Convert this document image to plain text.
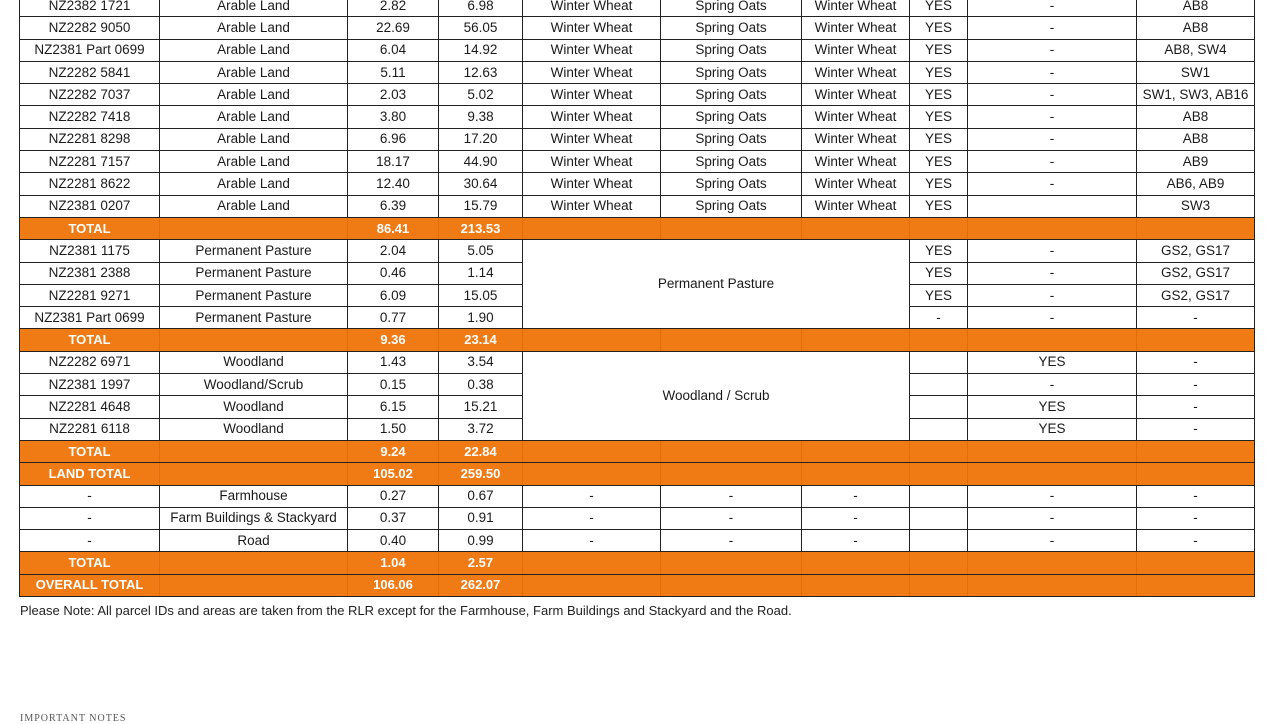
NZ2382 1721	Arable Land	2.82	6.98	Winter Wheat	Spring Oats	Winter Wheat	YES	-	AB8
NZ2282 9050	Arable Land	22.69	56.05	Winter Wheat	Spring Oats	Winter Wheat	YES	-	AB8
NZ2381 Part 0699	Arable Land	6.04	14.92	Winter Wheat	Spring Oats	Winter Wheat	YES	-	AB8, SW4
NZ2282 5841	Arable Land	5.11	12.63	Winter Wheat	Spring Oats	Winter Wheat	YES	-	SW1
NZ2282 7037	Arable Land	2.03	5.02	Winter Wheat	Spring Oats	Winter Wheat	YES	-	SW1, SW3, AB16
NZ2282 7418	Arable Land	3.80	9.38	Winter Wheat	Spring Oats	Winter Wheat	YES	-	AB8
NZ2281 8298	Arable Land	6.96	17.20	Winter Wheat	Spring Oats	Winter Wheat	YES	-	AB8
NZ2281 7157	Arable Land	18.17	44.90	Winter Wheat	Spring Oats	Winter Wheat	YES	-	AB9
NZ2281 8622	Arable Land	12.40	30.64	Winter Wheat	Spring Oats	Winter Wheat	YES	-	AB6, AB9
NZ2381 0207	Arable Land	6.39	15.79	Winter Wheat	Spring Oats	Winter Wheat	YES		SW3
TOTAL		86.41	213.53						
NZ2381 1175	Permanent Pasture	2.04	5.05	Permanent Pasture			YES	-	GS2, GS17
NZ2381 2388	Permanent Pasture	0.46	1.14				YES	-	GS2, GS17
NZ2281 9271	Permanent Pasture	6.09	15.05				YES	-	GS2, GS17
NZ2381 Part 0699	Permanent Pasture	0.77	1.90				-	-	-
TOTAL		9.36	23.14						
NZ2282 6971	Woodland	1.43	3.54	Woodland / Scrub				YES	-
NZ2381 1997	Woodland/Scrub	0.15	0.38					-	-
NZ2281 4648	Woodland	6.15	15.21					YES	-
NZ2281 6118	Woodland	1.50	3.72					YES	-
TOTAL		9.24	22.84						
LAND TOTAL		105.02	259.50						
-	Farmhouse	0.27	0.67	-	-	-		-	-
-	Farm Buildings & Stackyard	0.37	0.91	-	-	-		-	-
-	Road	0.40	0.99	-	-	-		-	-
TOTAL		1.04	2.57						
OVERALL TOTAL		106.06	262.07						
Please Note: All parcel IDs and areas are taken from the RLR except for the Farmhouse, Farm Buildings and Stackyard and the Road.
IMPORTANT NOTES
